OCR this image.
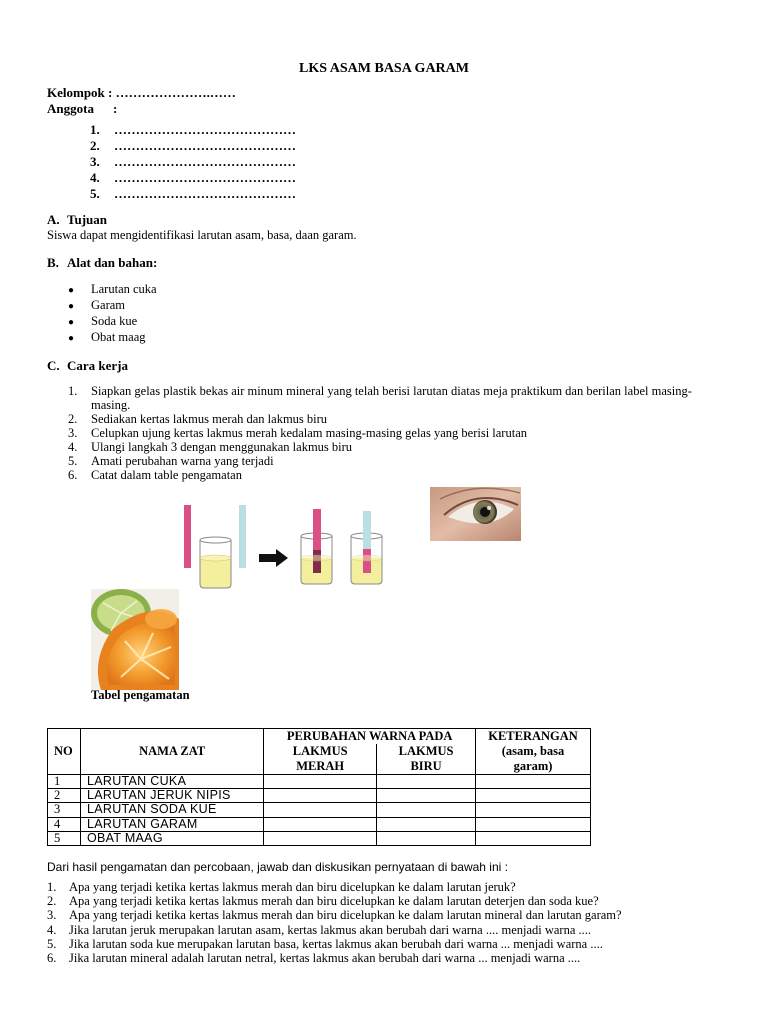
LKS ASAM BASA GARAM
Kelompok : ………………….……
Anggota :
1. ……………………………………
2. ……………………………………
3. ……………………………………
4. ……………………………………
5. ……………………………………
A. Tujuan
Siswa dapat mengidentifikasi larutan asam, basa, daan garam.
B. Alat dan bahan:
● Larutan cuka
● Garam
● Soda kue
● Obat maag
C. Cara kerja
1.	Siapkan gelas plastik bekas air minum mineral yang telah berisi larutan diatas meja praktikum dan berilan label masing-masing.
2.	Sediakan kertas lakmus merah dan lakmus biru
3.	Celupkan ujung kertas lakmus merah kedalam masing-masing gelas yang berisi larutan
4.	Ulangi langkah 3 dengan menggunakan lakmus biru
5.	Amati perubahan warna yang terjadi
6.	Catat dalam table pengamatan
Tabel pengamatan
NO	NAMA ZAT	PERUBAHAN WARNA PADA		KETERANGAN
(asam, basa garam)

		LAKMUS MERAH	LAKMUS BIRU	
1	LARUTAN CUKA			
2	LARUTAN JERUK NIPIS			
3	LARUTAN SODA KUE			
4	LARUTAN GARAM			
5	OBAT MAAG			
Dari hasil pengamatan dan percobaan, jawab dan diskusikan pernyataan di bawah ini :
1.	Apa yang terjadi ketika kertas lakmus merah dan biru dicelupkan ke dalam larutan jeruk?
2.	Apa yang terjadi ketika kertas lakmus merah dan biru dicelupkan ke dalam larutan deterjen dan soda kue?
3.	Apa yang terjadi ketika kertas lakmus merah dan biru dicelupkan ke dalam larutan mineral dan larutan garam?
4.	Jika larutan jeruk merupakan larutan asam, kertas lakmus akan berubah dari warna .... menjadi warna ....
5.	Jika larutan soda kue merupakan larutan basa, kertas lakmus akan berubah dari warna ... menjadi warna ....
6.	Jika larutan mineral adalah larutan netral, kertas lakmus akan berubah dari warna ... menjadi warna ....
